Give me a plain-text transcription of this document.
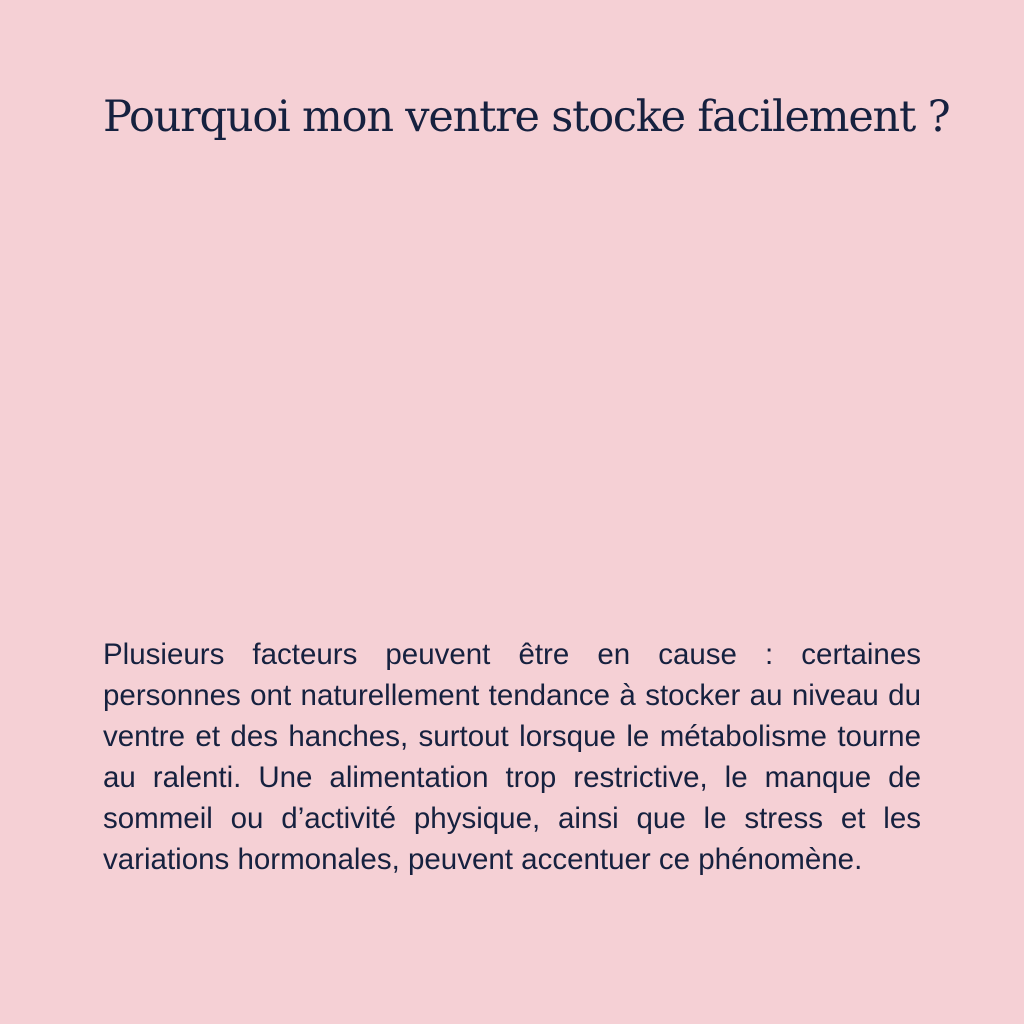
Pourquoi mon ventre stocke facilement ?

Plusieurs facteurs peuvent être en cause : certaines personnes ont naturellement tendance à stocker au niveau du ventre et des hanches, surtout lorsque le métabolisme tourne au ralenti. Une alimentation trop restrictive, le manque de sommeil ou d’activité physique, ainsi que le stress et les variations hormonales, peuvent accentuer ce phénomène.
